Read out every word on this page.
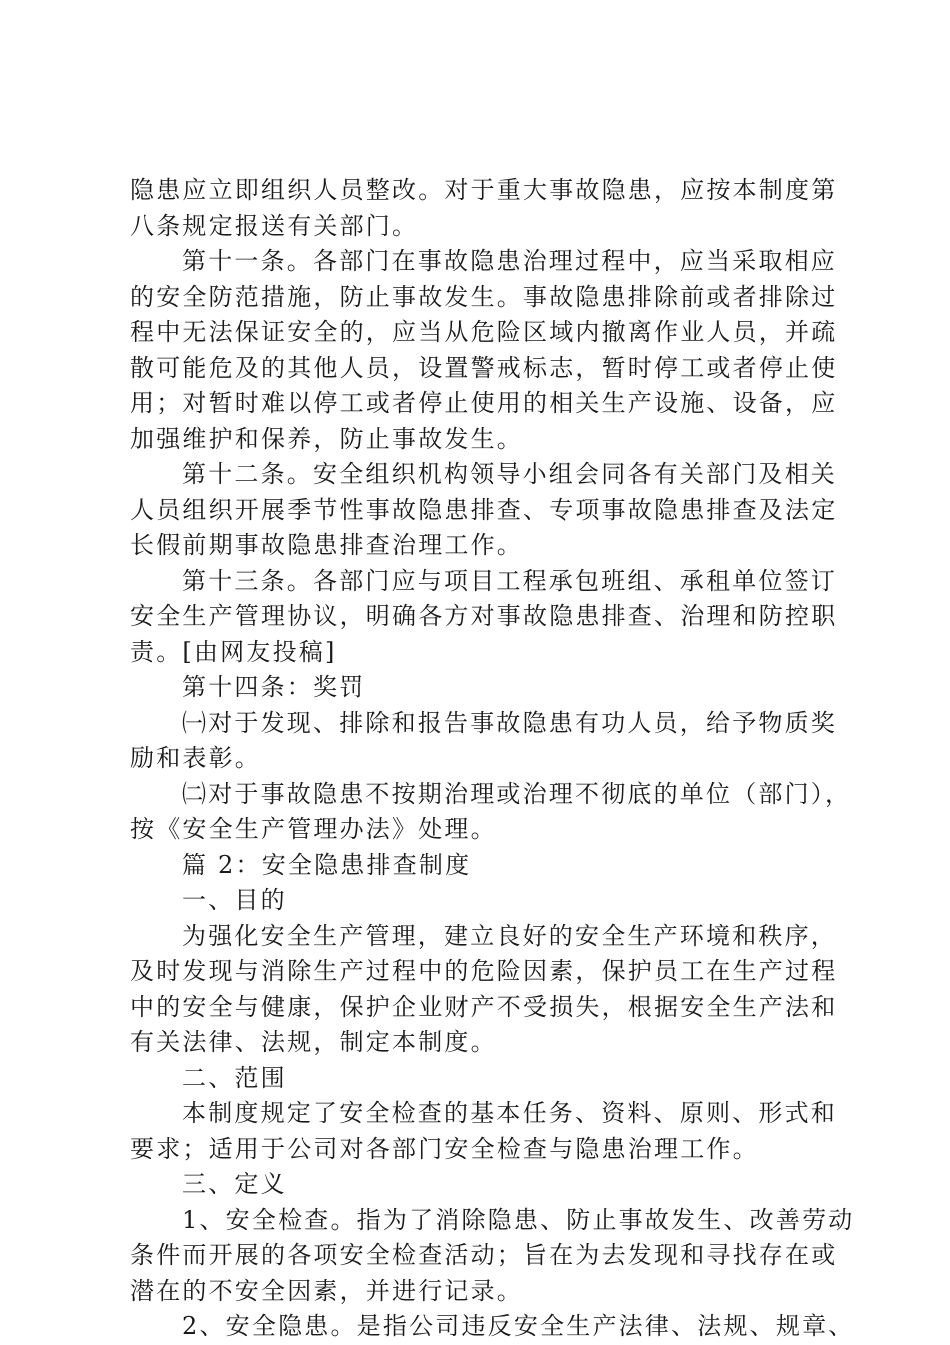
隐患应立即组织人员整改。对于重大事故隐患，应按本制度第
八条规定报送有关部门。
第十一条。各部门在事故隐患治理过程中，应当采取相应
的安全防范措施，防止事故发生。事故隐患排除前或者排除过
程中无法保证安全的，应当从危险区域内撤离作业人员，并疏
散可能危及的其他人员，设置警戒标志，暂时停工或者停止使
用；对暂时难以停工或者停止使用的相关生产设施、设备，应
加强维护和保养，防止事故发生。
第十二条。安全组织机构领导小组会同各有关部门及相关
人员组织开展季节性事故隐患排查、专项事故隐患排查及法定
长假前期事故隐患排查治理工作。
第十三条。各部门应与项目工程承包班组、承租单位签订
安全生产管理协议，明确各方对事故隐患排查、治理和防控职
责。[由网友投稿]
第十四条：奖罚
㈠对于发现、排除和报告事故隐患有功人员，给予物质奖
励和表彰。
㈡对于事故隐患不按期治理或治理不彻底的单位（部门），
按《安全生产管理办法》处理。
篇 2：安全隐患排查制度
一、目的
为强化安全生产管理，建立良好的安全生产环境和秩序，
及时发现与消除生产过程中的危险因素，保护员工在生产过程
中的安全与健康，保护企业财产不受损失，根据安全生产法和
有关法律、法规，制定本制度。
二、范围
本制度规定了安全检查的基本任务、资料、原则、形式和
要求；适用于公司对各部门安全检查与隐患治理工作。
三、定义
1、安全检查。指为了消除隐患、防止事故发生、改善劳动
条件而开展的各项安全检查活动；旨在为去发现和寻找存在或
潜在的不安全因素，并进行记录。
2、安全隐患。是指公司违反安全生产法律、法规、规章、
